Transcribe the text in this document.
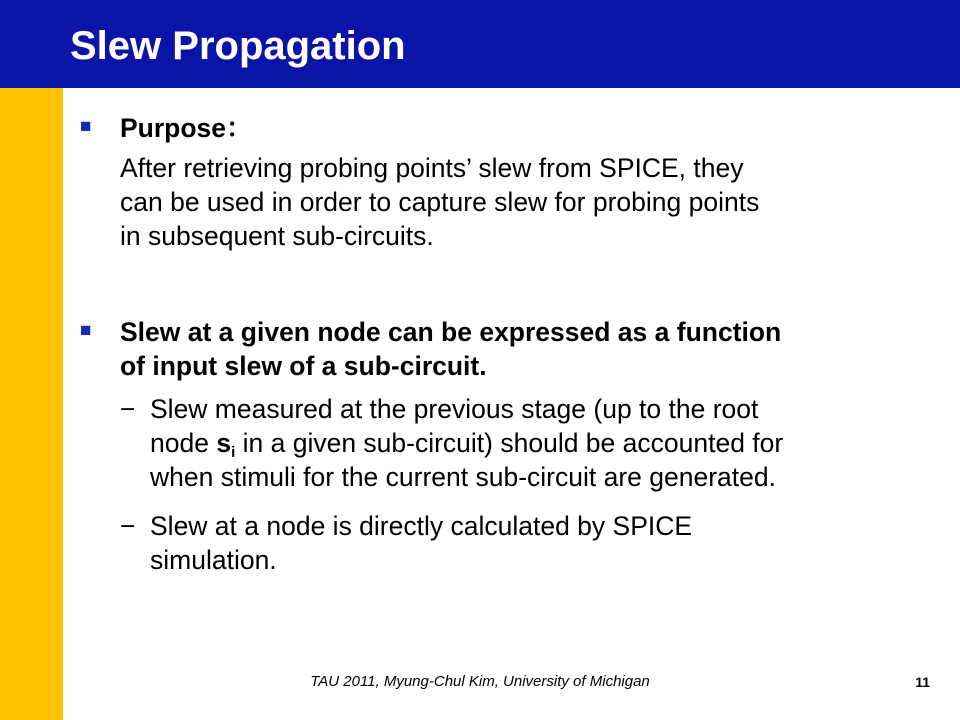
Slew Propagation
■ Purpose：

After retrieving probing points’ slew from SPICE, they

can be used in order to capture slew for probing points

in subsequent sub-circuits.

■ Slew at a given node can be expressed as a function

of input slew of a sub-circuit.

− Slew measured at the previous stage (up to the root

node $s_i$ in a given sub-circuit) should be accounted for

when stimuli for the current sub-circuit are generated.

− Slew at a node is directly calculated by SPICE

simulation.

TAU 2011, Myung-Chul Kim, University of Michigan	11
